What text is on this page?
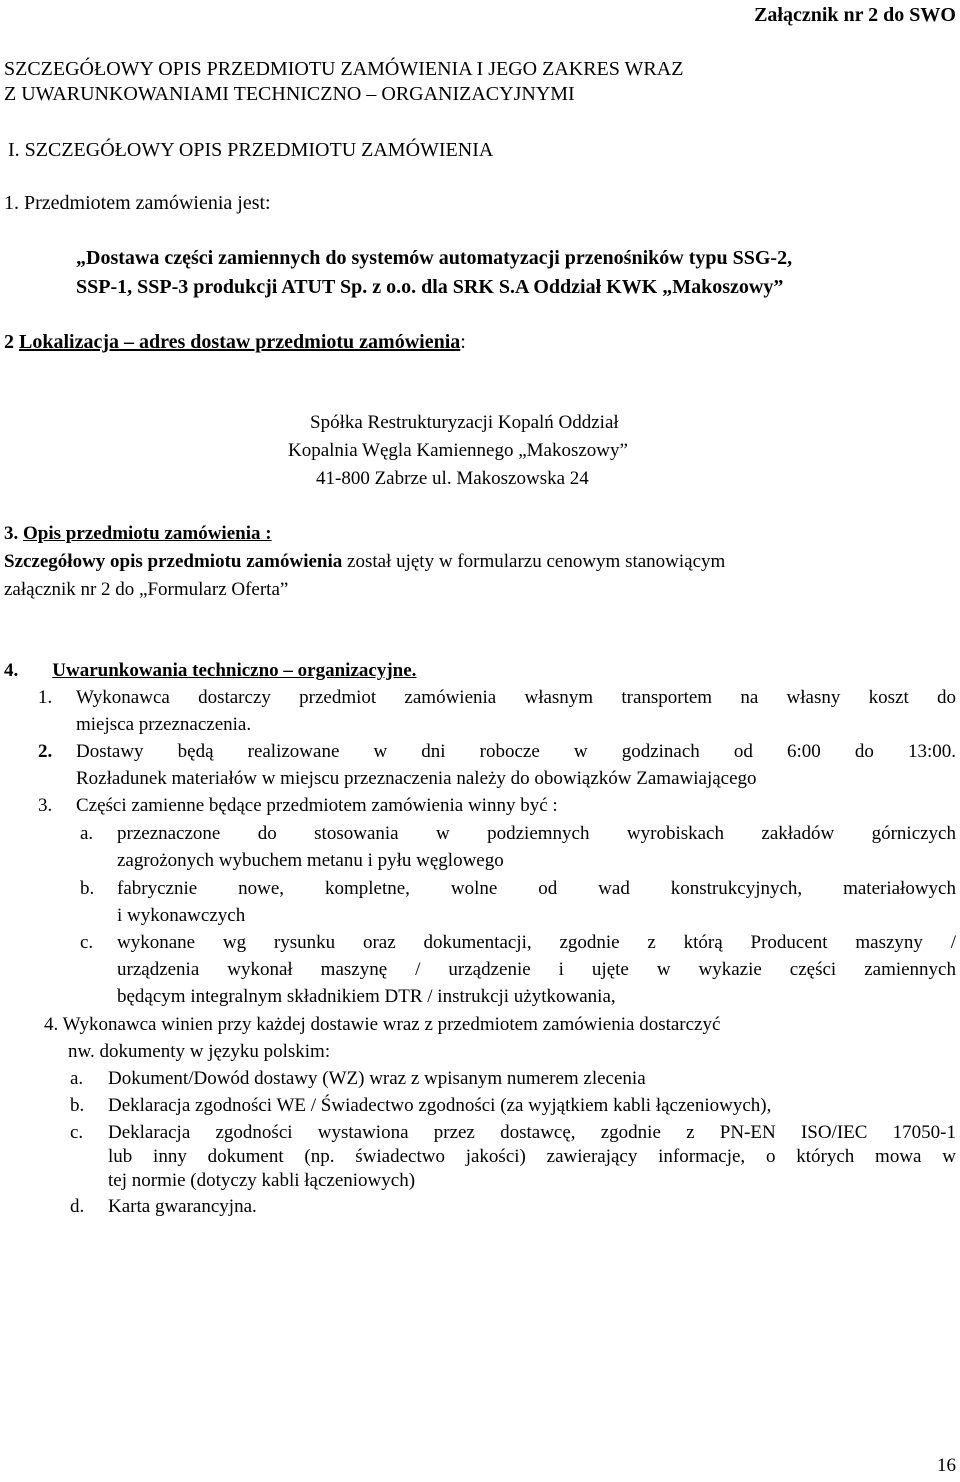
Załącznik nr 2 do SWO
SZCZEGÓŁOWY OPIS PRZEDMIOTU ZAMÓWIENIA I JEGO ZAKRES WRAZ
Z UWARUNKOWANIAMI TECHNICZNO – ORGANIZACYJNYMI
I. SZCZEGÓŁOWY OPIS PRZEDMIOTU ZAMÓWIENIA
1. Przedmiotem zamówienia jest:
„Dostawa części zamiennych do systemów automatyzacji przenośników typu SSG-2,
SSP-1, SSP-3 produkcji ATUT Sp. z o.o. dla SRK S.A Oddział KWK „Makoszowy”
2 Lokalizacja – adres dostaw przedmiotu zamówienia:
Spółka Restrukturyzacji Kopalń Oddział
Kopalnia Węgla Kamiennego „Makoszowy”
41-800 Zabrze ul. Makoszowska 24
3. Opis przedmiotu zamówienia :
Szczegółowy opis przedmiotu zamówienia został ujęty w formularzu cenowym stanowiącym
załącznik nr 2 do „Formularz Oferta”
4. Uwarunkowania techniczno – organizacyjne.
1. Wykonawca dostarczy przedmiot zamówienia własnym transportem na własny koszt do
miejsca przeznaczenia.
2. Dostawy będą realizowane w dni robocze w godzinach od 6:00 do 13:00.
Rozładunek materiałów w miejscu przeznaczenia należy do obowiązków Zamawiającego
3. Części zamienne będące przedmiotem zamówienia winny być :
a. przeznaczone do stosowania w podziemnych wyrobiskach zakładów górniczych
zagrożonych wybuchem metanu i pyłu węglowego
b. fabrycznie nowe, kompletne, wolne od wad konstrukcyjnych, materiałowych
i wykonawczych
c. wykonane wg rysunku oraz dokumentacji, zgodnie z którą Producent maszyny /
urządzenia wykonał maszynę / urządzenie i ujęte w wykazie części zamiennych
będącym integralnym składnikiem DTR / instrukcji użytkowania,
4. Wykonawca winien przy każdej dostawie wraz z przedmiotem zamówienia dostarczyć
nw. dokumenty w języku polskim:
a. Dokument/Dowód dostawy (WZ) wraz z wpisanym numerem zlecenia
b. Deklaracja zgodności WE / Świadectwo zgodności (za wyjątkiem kabli łączeniowych),
c. Deklaracja zgodności wystawiona przez dostawcę, zgodnie z PN-EN ISO/IEC 17050-1
lub inny dokument (np. świadectwo jakości) zawierający informacje, o których mowa w
tej normie (dotyczy kabli łączeniowych)
d. Karta gwarancyjna.
16
